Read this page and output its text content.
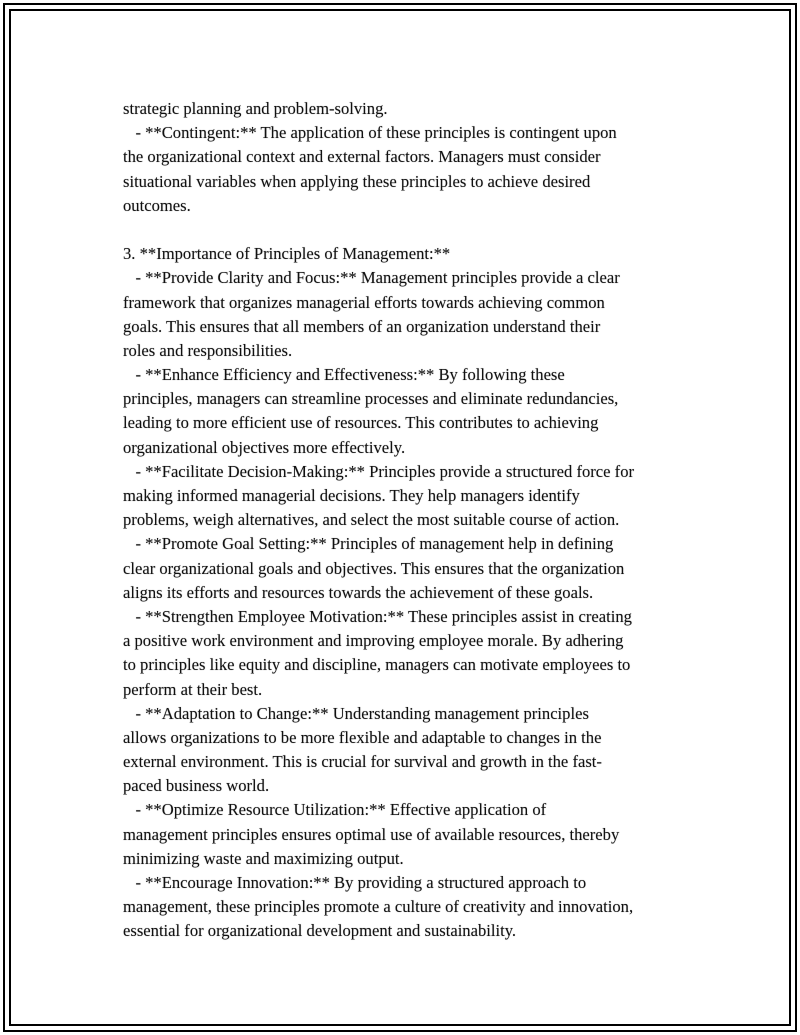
strategic planning and problem-solving.
- **Contingent:** The application of these principles is contingent upon
the organizational context and external factors. Managers must consider
situational variables when applying these principles to achieve desired
outcomes.
3. **Importance of Principles of Management:**
- **Provide Clarity and Focus:** Management principles provide a clear
framework that organizes managerial efforts towards achieving common
goals. This ensures that all members of an organization understand their
roles and responsibilities.
- **Enhance Efficiency and Effectiveness:** By following these
principles, managers can streamline processes and eliminate redundancies,
leading to more efficient use of resources. This contributes to achieving
organizational objectives more effectively.
- **Facilitate Decision-Making:** Principles provide a structured force for
making informed managerial decisions. They help managers identify
problems, weigh alternatives, and select the most suitable course of action.
- **Promote Goal Setting:** Principles of management help in defining
clear organizational goals and objectives. This ensures that the organization
aligns its efforts and resources towards the achievement of these goals.
- **Strengthen Employee Motivation:** These principles assist in creating
a positive work environment and improving employee morale. By adhering
to principles like equity and discipline, managers can motivate employees to
perform at their best.
- **Adaptation to Change:** Understanding management principles
allows organizations to be more flexible and adaptable to changes in the
external environment. This is crucial for survival and growth in the fast-
paced business world.
- **Optimize Resource Utilization:** Effective application of
management principles ensures optimal use of available resources, thereby
minimizing waste and maximizing output.
- **Encourage Innovation:** By providing a structured approach to
management, these principles promote a culture of creativity and innovation,
essential for organizational development and sustainability.
